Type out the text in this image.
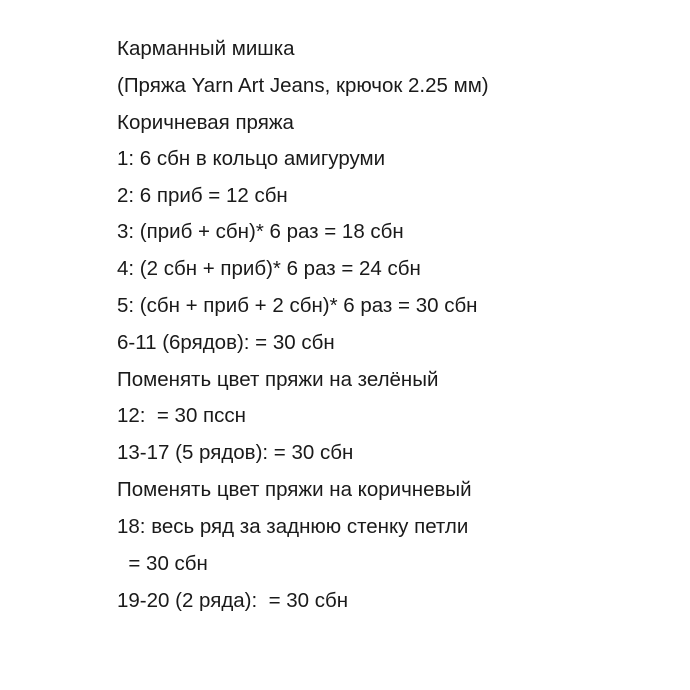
Карманный мишка
(Пряжа Yarn Art Jeans, крючок 2.25 мм)
Коричневая пряжа
1: 6 сбн в кольцо амигуруми
2: 6 приб = 12 сбн
3: (приб + сбн)* 6 раз = 18 сбн
4: (2 сбн + приб)* 6 раз = 24 сбн
5: (сбн + приб + 2 сбн)* 6 раз = 30 сбн
6-11 (6рядов): = 30 сбн
Поменять цвет пряжи на зелёный
12:  = 30 пссн
13-17 (5 рядов): = 30 сбн
Поменять цвет пряжи на коричневый
18: весь ряд за заднюю стенку петли
= 30 сбн
19-20 (2 ряда):  = 30 сбн
